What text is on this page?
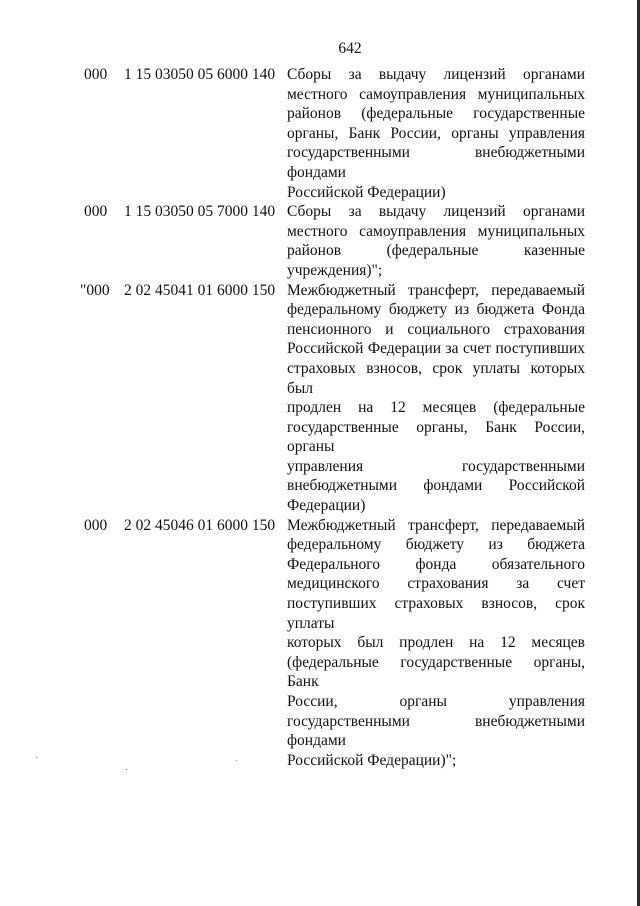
642
000	1 15 03050 05 6000 140 Сборы за выдачу лицензий органами
местного самоуправления муниципальных
районов (федеральные государственные
органы, Банк России, органы управления
государственными внебюджетными фондами
Российской Федерации)
000	1 15 03050 05 7000 140 Сборы за выдачу лицензий органами
местного самоуправления муниципальных
районов (федеральные казенные
учреждения)";
"000 2 02 45041 01 6000 150 Межбюджетный трансферт, передаваемый
федеральному бюджету из бюджета Фонда
пенсионного и социального страхования
Российской Федерации за счет поступивших
страховых взносов, срок уплаты которых был
продлен на 12 месяцев (федеральные
государственные органы, Банк России, органы
управления государственными
внебюджетными фондами Российской
Федерации)
000	2 02 45046 01 6000 150 Межбюджетный трансферт, передаваемый
федеральному бюджету из бюджета
Федерального фонда обязательного
медицинского страхования за счет
поступивших страховых взносов, срок уплаты
которых был продлен на 12 месяцев
(федеральные государственные органы, Банк
России, органы управления
государственными внебюджетными фондами
Российской Федерации)";
